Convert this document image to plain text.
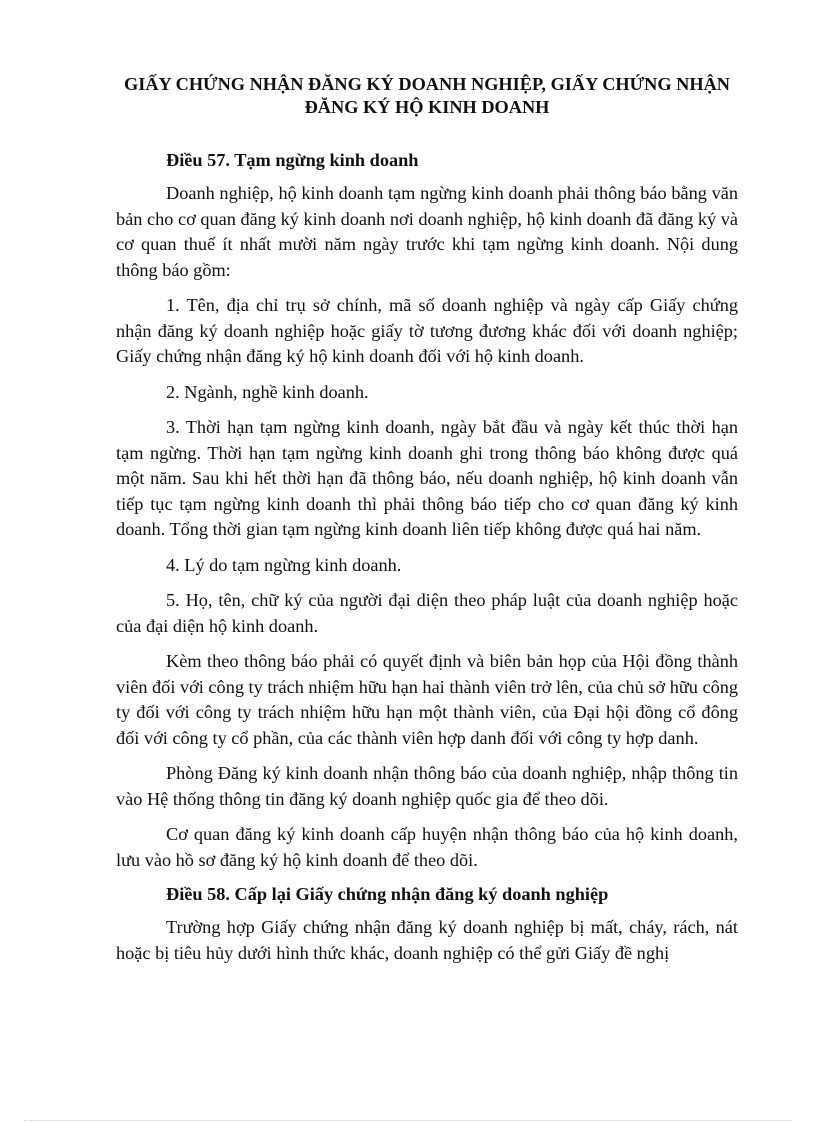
GIẤY CHỨNG NHẬN ĐĂNG KÝ DOANH NGHIỆP, GIẤY CHỨNG NHẬN ĐĂNG KÝ HỘ KINH DOANH
Điều 57. Tạm ngừng kinh doanh

Doanh nghiệp, hộ kinh doanh tạm ngừng kinh doanh phải thông báo bằng văn bản cho cơ quan đăng ký kinh doanh nơi doanh nghiệp, hộ kinh doanh đã đăng ký và cơ quan thuế ít nhất mười năm ngày trước khi tạm ngừng kinh doanh. Nội dung thông báo gồm:

1. Tên, địa chỉ trụ sở chính, mã số doanh nghiệp và ngày cấp Giấy chứng nhận đăng ký doanh nghiệp hoặc giấy tờ tương đương khác đối với doanh nghiệp; Giấy chứng nhận đăng ký hộ kinh doanh đối với hộ kinh doanh.

2. Ngành, nghề kinh doanh.

3. Thời hạn tạm ngừng kinh doanh, ngày bắt đầu và ngày kết thúc thời hạn tạm ngừng. Thời hạn tạm ngừng kinh doanh ghi trong thông báo không được quá một năm. Sau khi hết thời hạn đã thông báo, nếu doanh nghiệp, hộ kinh doanh vẫn tiếp tục tạm ngừng kinh doanh thì phải thông báo tiếp cho cơ quan đăng ký kinh doanh. Tổng thời gian tạm ngừng kinh doanh liên tiếp không được quá hai năm.

4. Lý do tạm ngừng kinh doanh.

5. Họ, tên, chữ ký của người đại diện theo pháp luật của doanh nghiệp hoặc của đại diện hộ kinh doanh.

Kèm theo thông báo phải có quyết định và biên bản họp của Hội đồng thành viên đối với công ty trách nhiệm hữu hạn hai thành viên trở lên, của chủ sở hữu công ty đối với công ty trách nhiệm hữu hạn một thành viên, của Đại hội đồng cổ đông đối với công ty cổ phần, của các thành viên hợp danh đối với công ty hợp danh.

Phòng Đăng ký kinh doanh nhận thông báo của doanh nghiệp, nhập thông tin vào Hệ thống thông tin đăng ký doanh nghiệp quốc gia để theo dõi.

Cơ quan đăng ký kinh doanh cấp huyện nhận thông báo của hộ kinh doanh, lưu vào hồ sơ đăng ký hộ kinh doanh để theo dõi.

Điều 58. Cấp lại Giấy chứng nhận đăng ký doanh nghiệp

Trường hợp Giấy chứng nhận đăng ký doanh nghiệp bị mất, cháy, rách, nát hoặc bị tiêu hủy dưới hình thức khác, doanh nghiệp có thể gửi Giấy đề nghị
